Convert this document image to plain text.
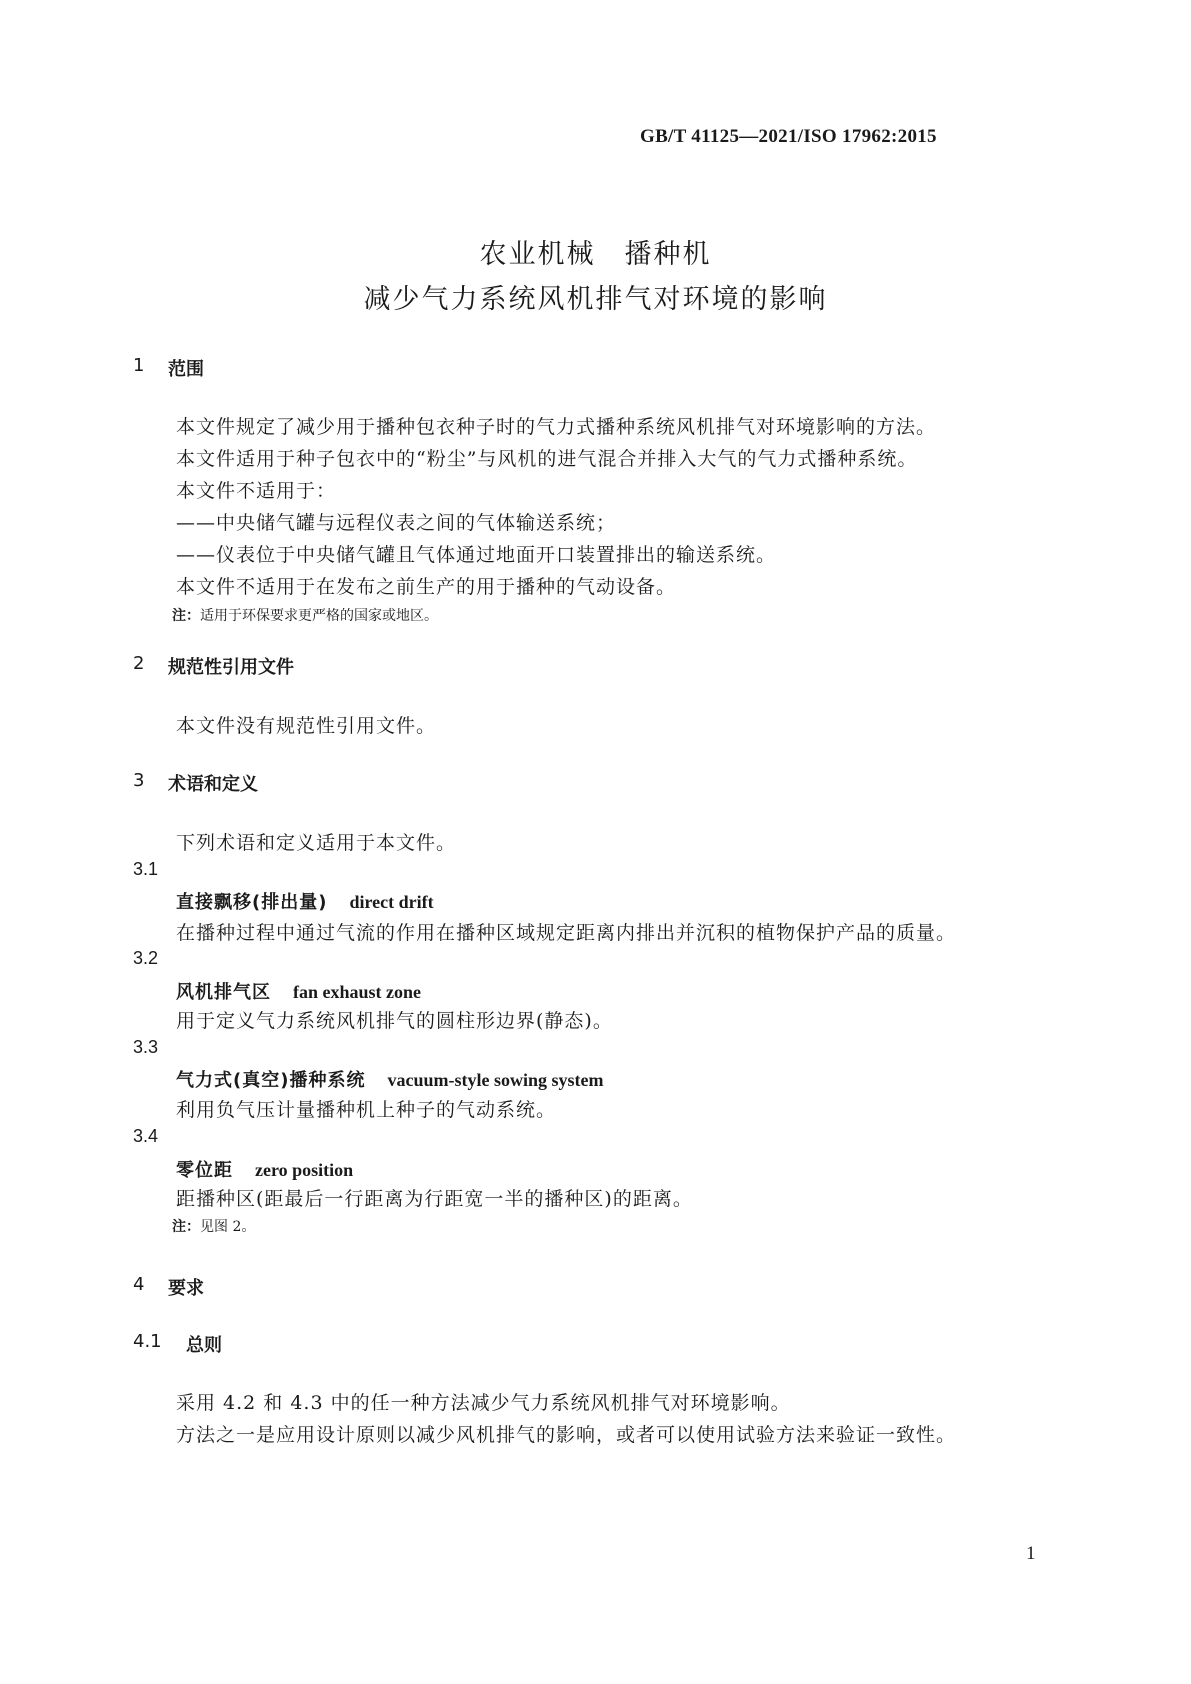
GB/T 41125—2021/ISO 17962:2015
农业机械　播种机
减少气力系统风机排气对环境的影响
1 范围
本文件规定了减少用于播种包衣种子时的气力式播种系统风机排气对环境影响的方法。
本文件适用于种子包衣中的“粉尘”与风机的进气混合并排入大气的气力式播种系统。
本文件不适用于：
——中央储气罐与远程仪表之间的气体输送系统；
——仪表位于中央储气罐且气体通过地面开口装置排出的输送系统。
本文件不适用于在发布之前生产的用于播种的气动设备。
注：适用于环保要求更严格的国家或地区。
2 规范性引用文件
本文件没有规范性引用文件。
3 术语和定义
下列术语和定义适用于本文件。
3.1
直接飘移(排出量) direct drift
在播种过程中通过气流的作用在播种区域规定距离内排出并沉积的植物保护产品的质量。
3.2
风机排气区 fan exhaust zone
用于定义气力系统风机排气的圆柱形边界(静态)。
3.3
气力式(真空)播种系统 vacuum-style sowing system
利用负气压计量播种机上种子的气动系统。
3.4
零位距 zero position
距播种区(距最后一行距离为行距宽一半的播种区)的距离。
注：见图 2。
4 要求
4.1 总则
采用 4.2 和 4.3 中的任一种方法减少气力系统风机排气对环境影响。
方法之一是应用设计原则以减少风机排气的影响，或者可以使用试验方法来验证一致性。
1
